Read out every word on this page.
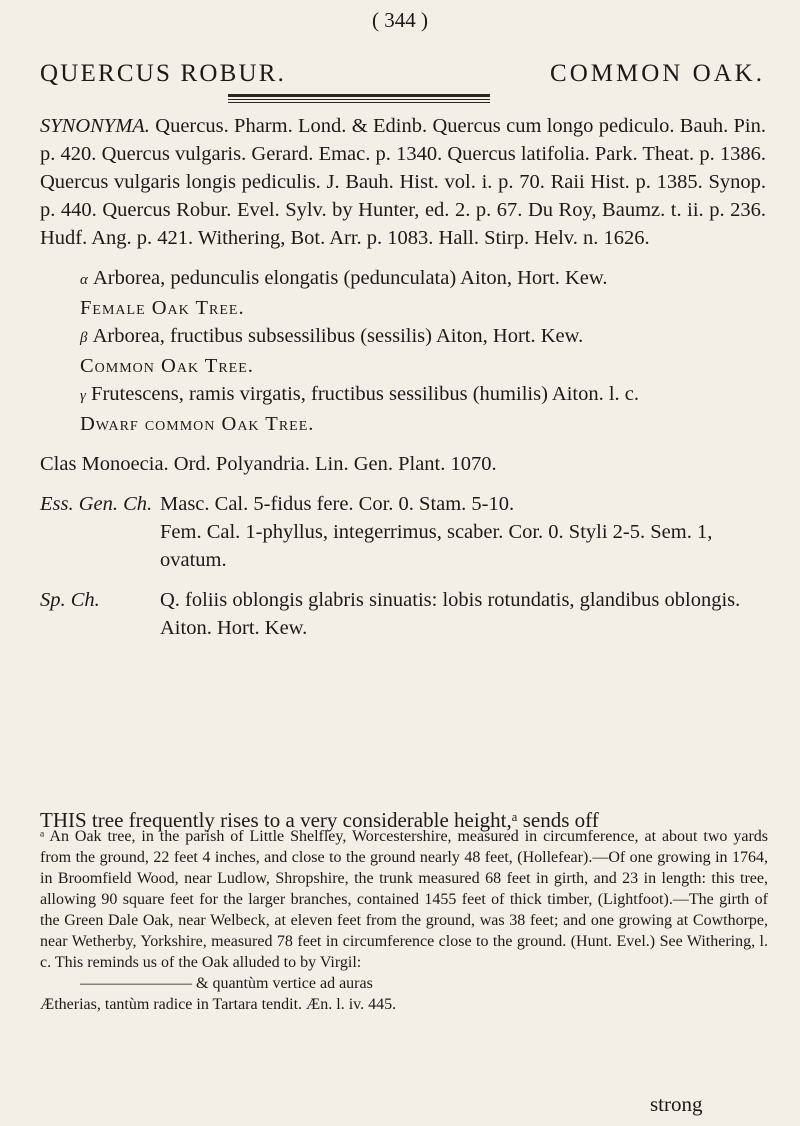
( 344 )
QUERCUS ROBUR.	COMMON OAK.

SYNONYMA. Quercus. Pharm. Lond. & Edinb. Quercus cum longo pediculo. Bauh. Pin. p. 420. Quercus vulgaris. Gerard. Emac. p. 1340. Quercus latifolia. Park. Theat. p. 1386. Quercus vulgaris longis pediculis. J. Bauh. Hist. vol. i. p. 70. Raii Hist. p. 1385. Synop. p. 440. Quercus Robur. Evel. Sylv. by Hunter, ed. 2. p. 67. Du Roy, Baumz. t. ii. p. 236. Hudf. Ang. p. 421. Withering, Bot. Arr. p. 1083. Hall. Stirp. Helv. n. 1626.

α Arborea, pedunculis elongatis (pedunculata) Aiton, Hort. Kew.

Female Oak Tree.

β Arborea, fructibus subsessilibus (sessilis) Aiton, Hort. Kew.

Common Oak Tree.

γ Frutescens, ramis virgatis, fructibus sessilibus (humilis) Aiton. l. c.

Dwarf common Oak Tree.

Clas Monoecia. Ord. Polyandria. Lin. Gen. Plant. 1070.

Ess. Gen. Ch. Masc. Cal. 5-fidus fere. Cor. 0. Stam. 5-10.
Fem. Cal. 1-phyllus, integerrimus, scaber. Cor. 0. Styli 2-5. Sem. 1, ovatum.
Sp. Ch.	Q. foliis oblongis glabris sinuatis: lobis rotundatis, glandibus oblongis. Aiton. Hort. Kew.

THIS tree frequently rises to a very considerable height,ᵃ sends off

ᵃ An Oak tree, in the parish of Little Shelfley, Worcestershire, measured in circumference, at about two yards from the ground, 22 feet 4 inches, and close to the ground nearly 48 feet, (Hollefear).—Of one growing in 1764, in Broomfield Wood, near Ludlow, Shropshire, the trunk measured 68 feet in girth, and 23 in length: this tree, allowing 90 square feet for the larger branches, contained 1455 feet of thick timber, (Lightfoot).—The girth of the Green Dale Oak, near Welbeck, at eleven feet from the ground, was 38 feet; and one growing at Cowthorpe, near Wetherby, Yorkshire, measured 78 feet in circumference close to the ground. (Hunt. Evel.) See Withering, l. c. This reminds us of the Oak alluded to by Virgil:

——————— & quantùm vertice ad auras

Ætherias, tantùm radice in Tartara tendit. Æn. l. iv. 445.

strong
